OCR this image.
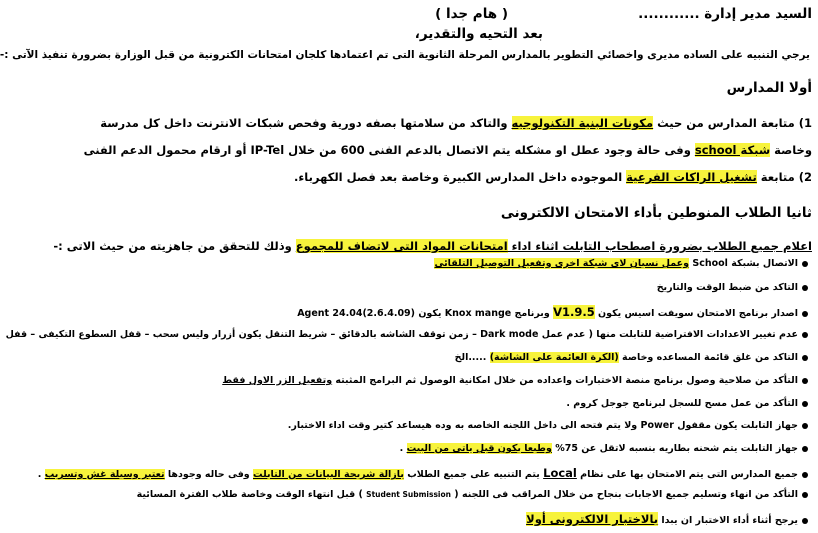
السيد مدير إدارة ............
( هام جدا )
بعد التحيه والتقدير،
يرجي التنبيه على الساده مديرى واخصائي التطوير بالمدارس المرحلة الثانوية التى تم اعتمادها كلجان امتحانات الكترونية من قبل الوزارة بضرورة تنفيذ الآتى :-
أولا المدارس
1) متابعة المدارس من حيث مكونات البنية التكنولوجيه والتاكد من سلامتها بصفه دورية وفحص شبكات الانترنت داخل كل مدرسة
وخاصة شبكة school وفى حالة وجود عطل او مشكله يتم الاتصال بالدعم الفنى 600 من خلال IP-Tel أو ارقام محمول الدعم الفنى
2) متابعة تشغيل الراكات الفرعية الموجوده داخل المدارس الكبيرة وخاصة بعد فصل الكهرباء.
ثانيا الطلاب المنوطين بأداء الامتحان الالكترونى
اعلام جميع الطلاب بضرورة اصطحاب التابلت اثناء اداء امتحانات المواد التى لاتضاف للمجموع وذلك للتحقق من جاهزيته من حيث الاتى :-
الاتصال بشبكة School وعمل نسيان لاى شبكة اخرى وتفعيل التوصيل التلقائى
التاكد من ضبط الوقت والتاريخ
اصدار برنامج الامتحان سويفت اسيس يكون V1.9.5 وبرنامج Knox mange يكون Agent 24.04(2.6.4.09)
عدم تغيير الاعدادات الافتراضية للتابلت منها ( عدم عمل Dark mode – زمن توقف الشاشه بالدقائق – شريط التنقل يكون أزرار وليس سحب – قفل السطوع التكيفى – قفل
التاكد من غلق قائمة المساعده وخاصة (الكرة العائمة على الشاشة) .....الخ
التأكد من صلاحية وصول برنامج منصة الاختبارات واعداده من خلال امكانية الوصول ثم البرامج المثبته وتفعيل الزر الاول فقط
التأكد من عمل مسح للسجل لبرنامج جوجل كروم .
جهاز التابلت يكون مقفول Power ولا يتم فتحه الى داخل اللجنه الخاصه به وده هيساعد كتير وقت اداء الاختبار.
جهاز التابلت يتم شحنه بطاريه بنسبه لاتقل عن 75% وطبعا يكون قبل ياتى من البيت .
جميع المدارس التى يتم الامتحان بها على نظام Local يتم التنبيه على جميع الطلاب بازالة شريحة البيانات من التابلت وفى حاله وجودها تعتبر وسيلة غش وتسريب .
التأكد من انهاء وتسليم جميع الاجابات بنجاح من خلال المراقب فى اللجنه ( Student Submission ) قبل انتهاء الوقت وخاصة طلاب الفترة المسائية
يرجح أثناء أداء الاختبار ان يبدا بالاختبار الالكترونى أولا
